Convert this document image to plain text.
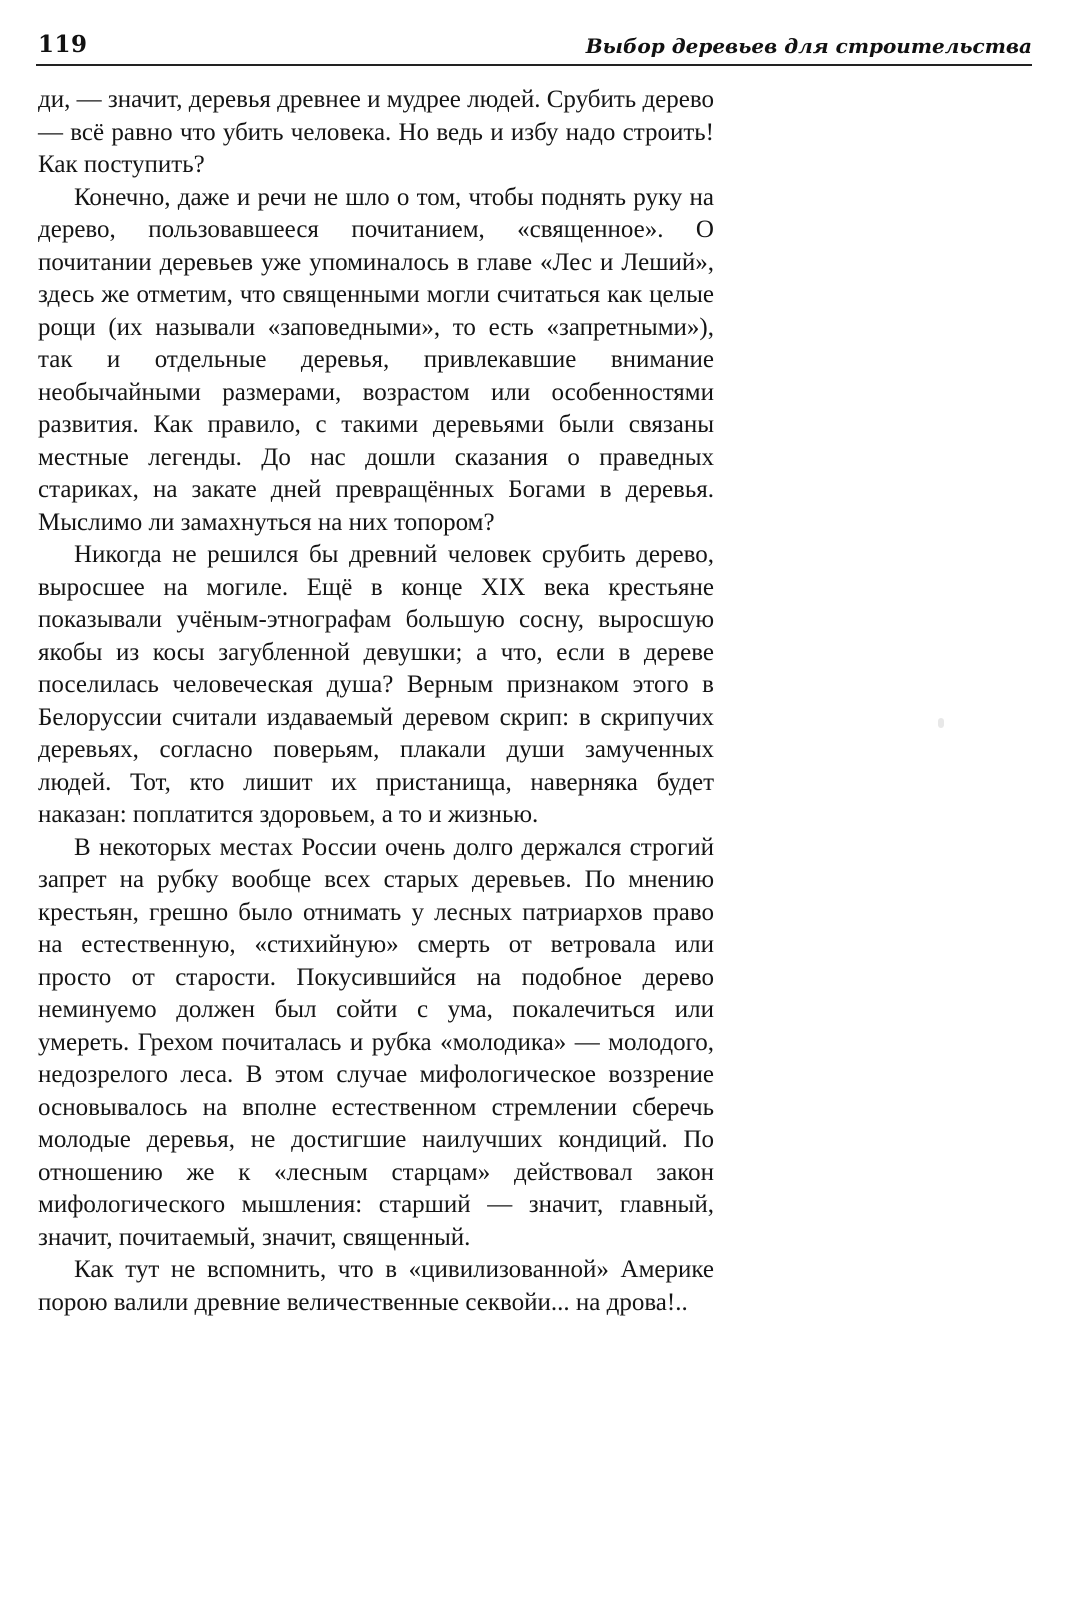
119	Выбор деревьев для строительства

ди, — значит, деревья древнее и мудрее людей. Срубить дерево — всё равно что убить человека. Но ведь и избу надо строить! Как поступить?

Конечно, даже и речи не шло о том, чтобы поднять руку на дерево, пользовавшееся почитанием, «священное». О почитании деревьев уже упоминалось в главе «Лес и Леший», здесь же отметим, что священными могли считаться как целые рощи (их называли «заповедными», то есть «запретными»), так и отдельные деревья, привлекавшие внимание необычайными размерами, возрастом или особенностями развития. Как правило, с такими деревьями были связаны местные легенды. До нас дошли сказания о праведных стариках, на закате дней превращённых Богами в деревья. Мыслимо ли замахнуться на них топором?

Никогда не решился бы древний человек срубить дерево, выросшее на могиле. Ещё в конце XIX века крестьяне показывали учёным-этнографам большую сосну, выросшую якобы из косы загубленной девушки; а что, если в дереве поселилась человеческая душа? Верным признаком этого в Белоруссии считали издаваемый деревом скрип: в скрипучих деревьях, согласно поверьям, плакали души замученных людей. Тот, кто лишит их пристанища, наверняка будет наказан: поплатится здоровьем, а то и жизнью.

В некоторых местах России очень долго держался строгий запрет на рубку вообще всех старых деревьев. По мнению крестьян, грешно было отнимать у лесных патриархов право на естественную, «стихийную» смерть от ветровала или просто от старости. Покусившийся на подобное дерево неминуемо должен был сойти с ума, покалечиться или умереть. Грехом почиталась и рубка «молодика» — молодого, недозрелого леса. В этом случае мифологическое воззрение основывалось на вполне естественном стремлении сберечь молодые деревья, не достигшие наилучших кондиций. По отношению же к «лесным старцам» действовал закон мифологического мышления: старший — значит, главный, значит, почитаемый, значит, священный.

Как тут не вспомнить, что в «цивилизованной» Америке порою валили древние величественные секвойи... на дрова!..
